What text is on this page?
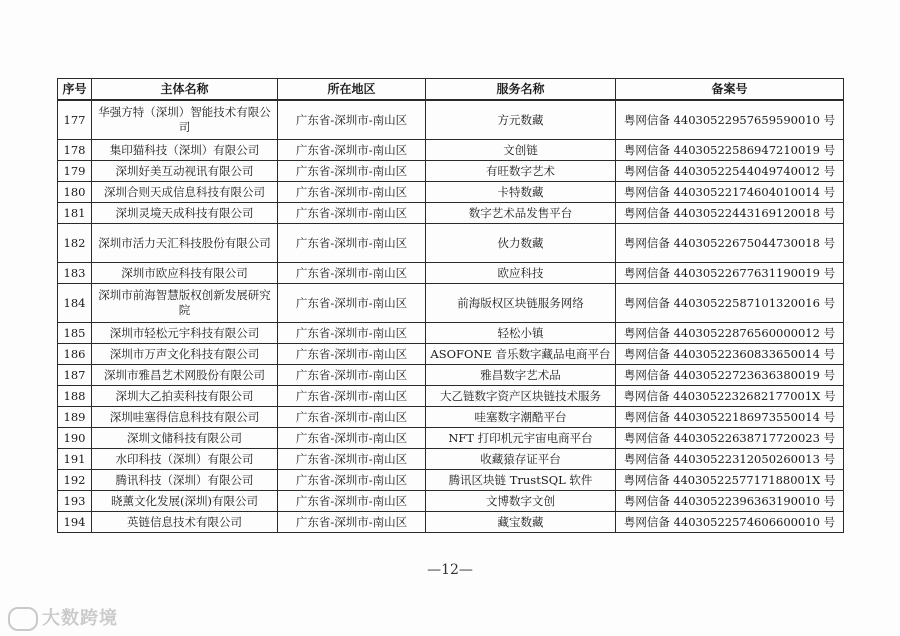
序号	主体名称	所在地区	服务名称	备案号
177	华强方特（深圳）智能技术有限公司	广东省-深圳市-南山区	方元数藏	粤网信备 4403052295765959001​0 号
178	集印猫科技（深圳）有限公司	广东省-深圳市-南山区	文创链	粤网信备 440305225869472100​19 号
179	深圳好美互动视讯有限公司	广东省-深圳市-南山区	有旺数字艺术	粤网信备 44030522544049740012 号
180	深圳合则天成信息科技有限公司	广东省-深圳市-南山区	卡特数藏	粤网信备 44030522174604010014 号
181	深圳灵境天成科技有限公司	广东省-深圳市-南山区	数字艺术品发售平台	粤网信备 44030522443169120018 号
182	深圳市活力天汇科技股份有限公司	广东省-深圳市-南山区	伙力数藏	粤网信备 44030522675044730018 号
183	深圳市欧应科技有限公司	广东省-深圳市-南山区	欧应科技	粤网信备 44030522677631190019 号
184	深圳市前海智慧版权创新发展研究院	广东省-深圳市-南山区	前海版权区块链服务网络	粤网信备 44030522587101320016 号
185	深圳市轻松元宇科技有限公司	广东省-深圳市-南山区	轻松小镇	粤网信备 44030522876560000012 号
186	深圳市万声文化科技有限公司	广东省-深圳市-南山区	ASOFONE 音乐数字藏品电商平台	粤网信备 44030522360833650014 号
187	深圳市雅昌艺术网股份有限公司	广东省-深圳市-南山区	雅昌数字艺术品	粤网信备 44030522723636380019 号
188	深圳大乙拍卖科技有限公司	广东省-深圳市-南山区	大乙链数字资产区块链技术服务	粤网信备 4403052232682177001X 号
189	深圳哇塞得信息科技有限公司	广东省-深圳市-南山区	哇塞数字潮酷平台	粤网信备 44030522186973550014 号
190	深圳文储科技有限公司	广东省-深圳市-南山区	NFT 打印机元宇宙电商平台	粤网信备 44030522638717720023 号
191	水印科技（深圳）有限公司	广东省-深圳市-南山区	收藏猿存证平台	粤网信备 44030522312050260013 号
192	腾讯科技（深圳）有限公司	广东省-深圳市-南山区	腾讯区块链 TrustSQL 软件	粤网信备 4403052257717188001X 号
193	晓薰文化发展(深圳)有限公司	广东省-深圳市-南山区	文博数字文创	粤网信备 44030522396363190010 号
194	英链信息技术有限公司	广东省-深圳市-南山区	藏宝数藏	粤网信备 44030522574606600010 号
—12—
大数跨境
